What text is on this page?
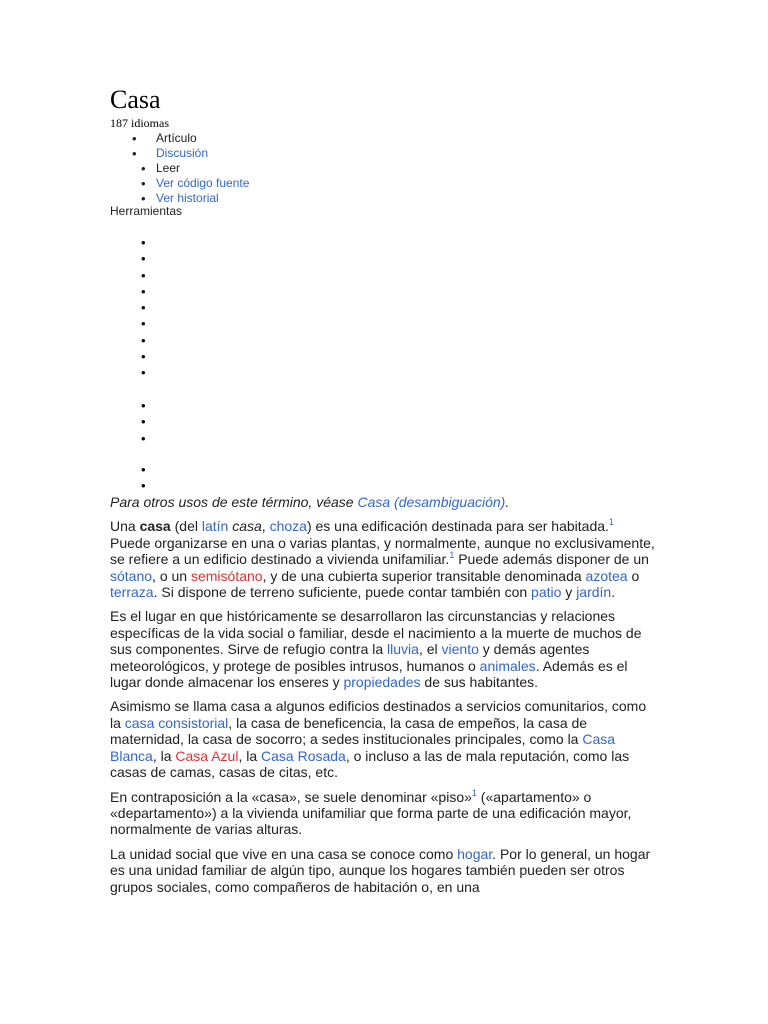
Casa
187 idiomas
• Artículo
• Discusión
• Leer
• Ver código fuente
• Ver historial
Herramientas
•
•
•
•
•
•
•
•
•
•
•
•
•
•

Para otros usos de este término, véase Casa (desambiguación).

Una casa (del latín casa, choza) es una edificación destinada para ser habitada.$^1$ Puede organizarse en una o varias plantas, y normalmente, aunque no exclusivamente, se refiere a un edificio destinado a vivienda unifamiliar.$^1$ Puede además disponer de un sótano, o un semisótano, y de una cubierta superior transitable denominada azotea o terraza. Si dispone de terreno suficiente, puede contar también con patio y jardín.

Es el lugar en que históricamente se desarrollaron las circunstancias y relaciones específicas de la vida social o familiar, desde el nacimiento a la muerte de muchos de sus componentes. Sirve de refugio contra la lluvia, el viento y demás agentes meteorológicos, y protege de posibles intrusos, humanos o animales. Además es el lugar donde almacenar los enseres y propiedades de sus habitantes.

Asimismo se llama casa a algunos edificios destinados a servicios comunitarios, como la casa consistorial, la casa de beneficencia, la casa de empeños, la casa de maternidad, la casa de socorro; a sedes institucionales principales, como la Casa Blanca, la Casa Azul, la Casa Rosada, o incluso a las de mala reputación, como las casas de camas, casas de citas, etc.

En contraposición a la «casa», se suele denominar «piso»$^1$ («apartamento» o «departamento») a la vivienda unifamiliar que forma parte de una edificación mayor, normalmente de varias alturas.

La unidad social que vive en una casa se conoce como hogar. Por lo general, un hogar es una unidad familiar de algún tipo, aunque los hogares también pueden ser otros grupos sociales, como compañeros de habitación o, en una
